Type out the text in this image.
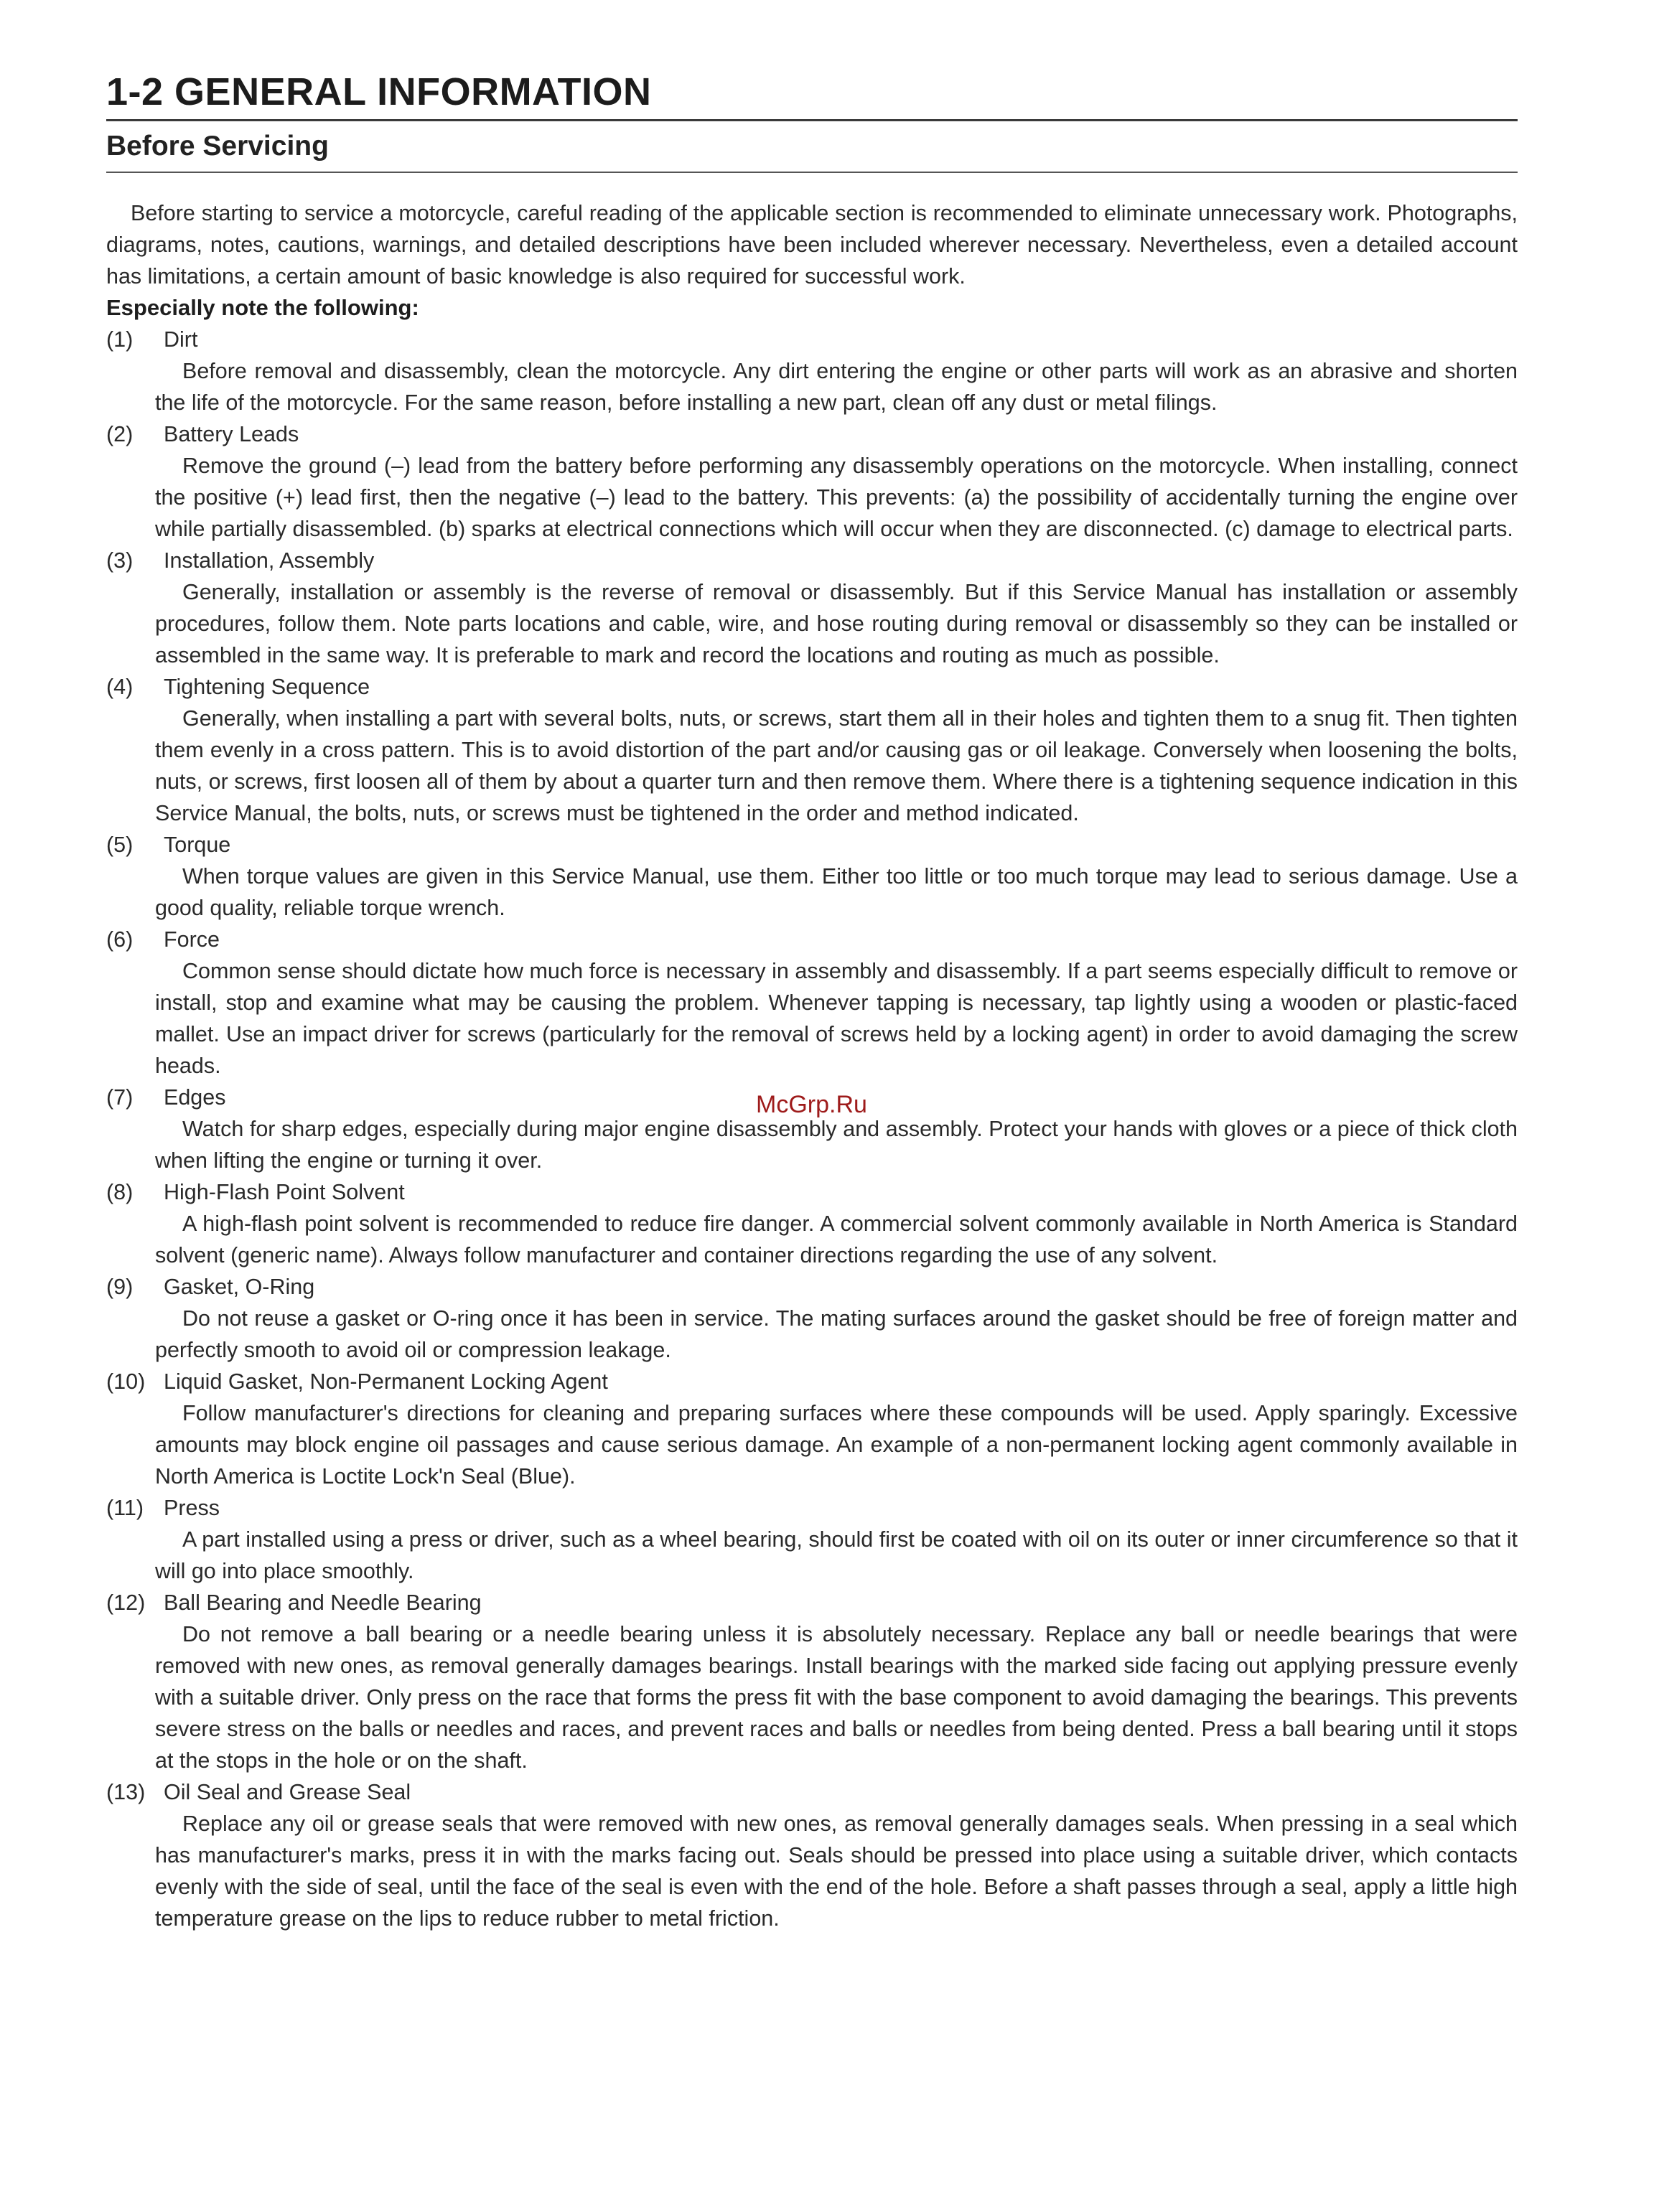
1-2 GENERAL INFORMATION
Before Servicing

Before starting to service a motorcycle, careful reading of the applicable section is recommended to eliminate unnecessary work. Photographs, diagrams, notes, cautions, warnings, and detailed descriptions have been included wherever necessary. Nevertheless, even a detailed account has limitations, a certain amount of basic knowledge is also required for successful work.

Especially note the following:

(1)	Dirt

Before removal and disassembly, clean the motorcycle. Any dirt entering the engine or other parts will work as an abrasive and shorten the life of the motorcycle. For the same reason, before installing a new part, clean off any dust or metal filings.

(2)	Battery Leads

Remove the ground (–) lead from the battery before performing any disassembly operations on the motorcycle. When installing, connect the positive (+) lead first, then the negative (–) lead to the battery. This prevents: (a) the possibility of accidentally turning the engine over while partially disassembled. (b) sparks at electrical connections which will occur when they are disconnected. (c) damage to electrical parts.

(3)	Installation, Assembly

Generally, installation or assembly is the reverse of removal or disassembly. But if this Service Manual has installation or assembly procedures, follow them. Note parts locations and cable, wire, and hose routing during removal or disassembly so they can be installed or assembled in the same way. It is preferable to mark and record the locations and routing as much as possible.

(4)	Tightening Sequence

Generally, when installing a part with several bolts, nuts, or screws, start them all in their holes and tighten them to a snug fit. Then tighten them evenly in a cross pattern. This is to avoid distortion of the part and/or causing gas or oil leakage. Conversely when loosening the bolts, nuts, or screws, first loosen all of them by about a quarter turn and then remove them. Where there is a tightening sequence indication in this Service Manual, the bolts, nuts, or screws must be tightened in the order and method indicated.

(5)	Torque

When torque values are given in this Service Manual, use them. Either too little or too much torque may lead to serious damage. Use a good quality, reliable torque wrench.

(6)	Force

Common sense should dictate how much force is necessary in assembly and disassembly. If a part seems especially difficult to remove or install, stop and examine what may be causing the problem. Whenever tapping is necessary, tap lightly using a wooden or plastic-faced mallet. Use an impact driver for screws (particularly for the removal of screws held by a locking agent) in order to avoid damaging the screw heads.

(7)	Edges

Watch for sharp edges, especially during major engine disassembly and assembly. Protect your hands with gloves or a piece of thick cloth when lifting the engine or turning it over.

(8)	High-Flash Point Solvent

A high-flash point solvent is recommended to reduce fire danger. A commercial solvent commonly available in North America is Standard solvent (generic name). Always follow manufacturer and container directions regarding the use of any solvent.

(9)	Gasket, O-Ring

Do not reuse a gasket or O-ring once it has been in service. The mating surfaces around the gasket should be free of foreign matter and perfectly smooth to avoid oil or compression leakage.

(10) Liquid Gasket, Non-Permanent Locking Agent

Follow manufacturer's directions for cleaning and preparing surfaces where these compounds will be used. Apply sparingly. Excessive amounts may block engine oil passages and cause serious damage. An example of a non-permanent locking agent commonly available in North America is Loctite Lock'n Seal (Blue).

(11) Press

A part installed using a press or driver, such as a wheel bearing, should first be coated with oil on its outer or inner circumference so that it will go into place smoothly.

(12) Ball Bearing and Needle Bearing

Do not remove a ball bearing or a needle bearing unless it is absolutely necessary. Replace any ball or needle bearings that were removed with new ones, as removal generally damages bearings. Install bearings with the marked side facing out applying pressure evenly with a suitable driver. Only press on the race that forms the press fit with the base component to avoid damaging the bearings. This prevents severe stress on the balls or needles and races, and prevent races and balls or needles from being dented. Press a ball bearing until it stops at the stops in the hole or on the shaft.

(13) Oil Seal and Grease Seal

Replace any oil or grease seals that were removed with new ones, as removal generally damages seals. When pressing in a seal which has manufacturer's marks, press it in with the marks facing out. Seals should be pressed into place using a suitable driver, which contacts evenly with the side of seal, until the face of the seal is even with the end of the hole. Before a shaft passes through a seal, apply a little high temperature grease on the lips to reduce rubber to metal friction.

McGrp.Ru
